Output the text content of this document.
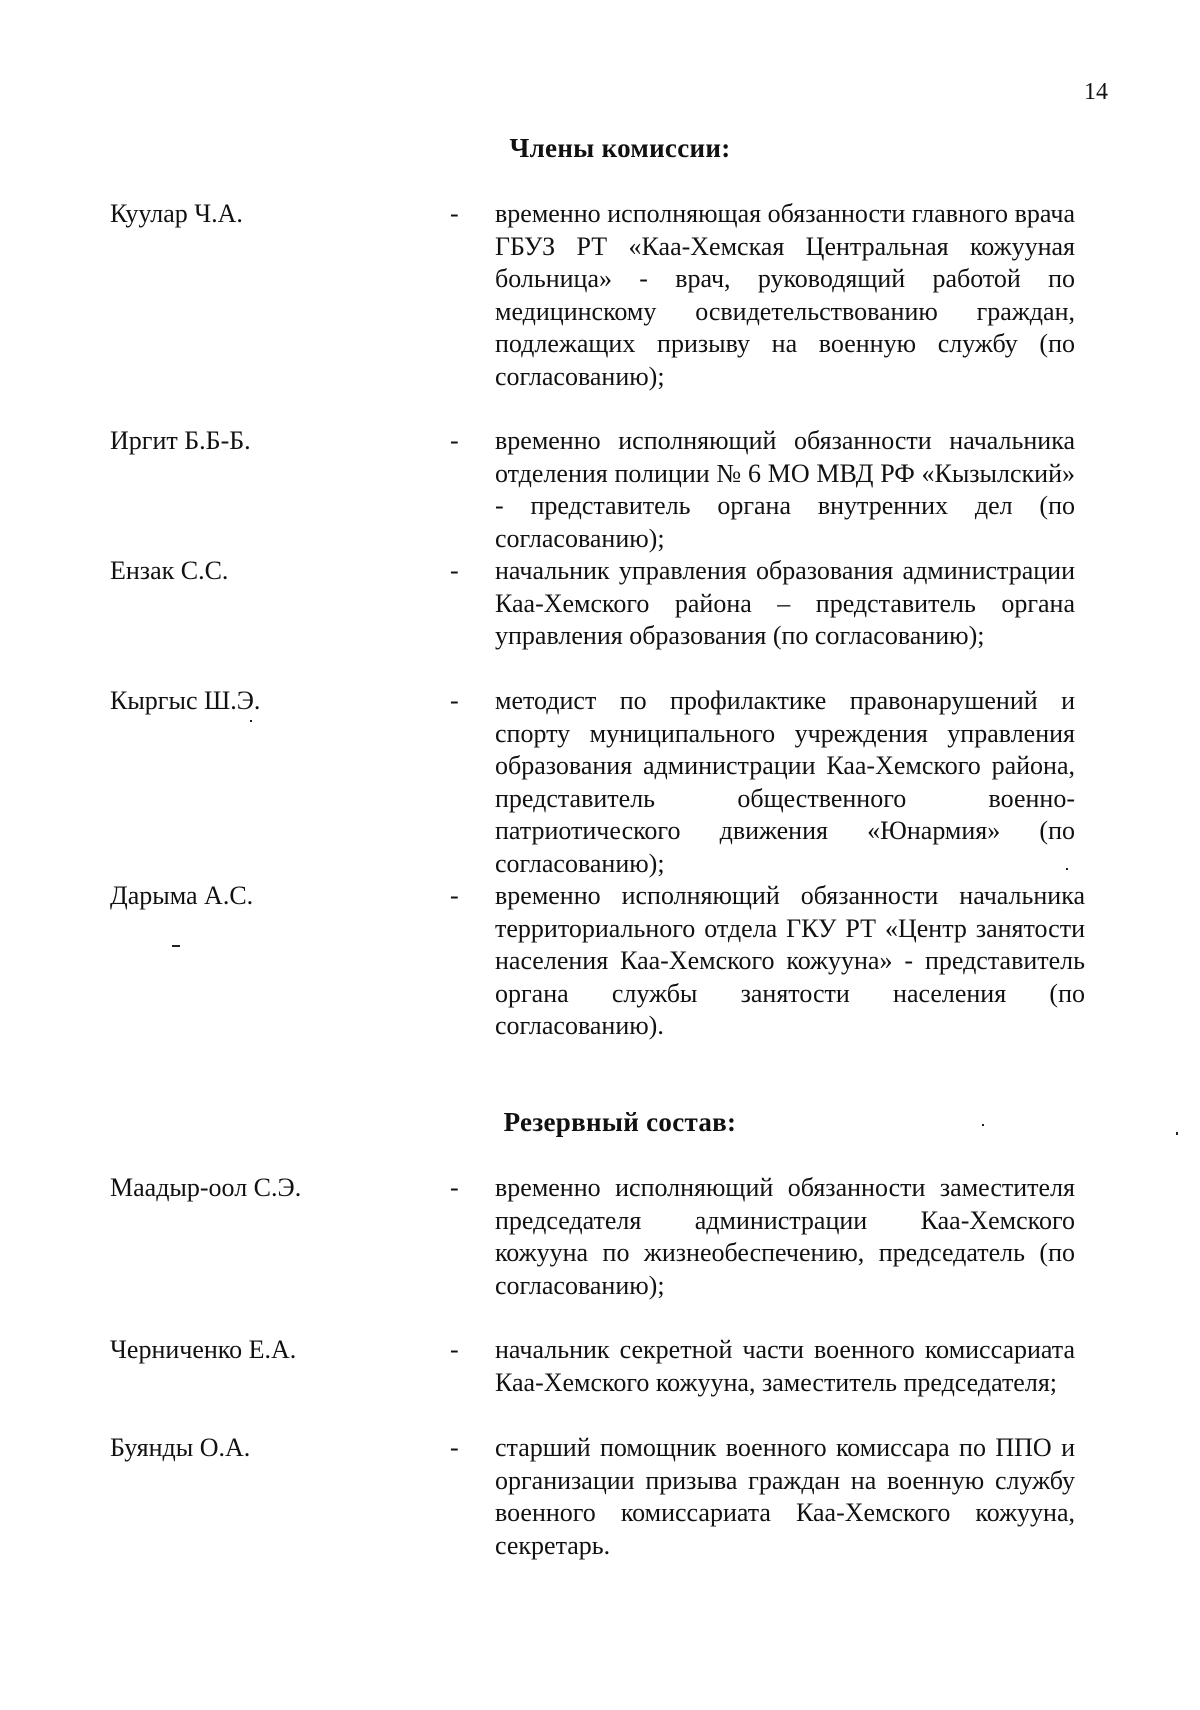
14
Члены комиссии:
Куулар Ч.А.	- временно исполняющая обязанности главного врача ГБУЗ РТ «Каа-Хемская Центральная кожууная больница» - врач, руководящий работой по медицинскому освидетельствованию граждан, подлежащих призыву на военную службу (по согласованию);
Иргит Б.Б-Б.	- временно исполняющий обязанности начальника отделения полиции № 6 МО МВД РФ «Кызылский» - представитель органа внутренних дел (по согласованию);
Ензак С.С.	- начальник управления образования администрации Каа-Хемского района – представитель органа управления образования (по согласованию);
Кыргыс Ш.Э.	- методист по профилактике правонарушений и спорту муниципального учреждения управления образования администрации Каа-Хемского района, представитель общественного военно-патриотического движения «Юнармия» (по согласованию);
Дарыма А.С.	- временно исполняющий обязанности начальника территориального отдела ГКУ РТ «Центр занятости населения Каа-Хемского кожууна» - представитель органа службы занятости населения (по согласованию).
Резервный состав:
Маадыр-оол С.Э.	- временно исполняющий обязанности заместителя председателя администрации Каа-Хемского кожууна по жизнеобеспечению, председатель (по согласованию);
Черниченко Е.А.	- начальник секретной части военного комиссариата Каа-Хемского кожууна, заместитель председателя;
Буянды О.А.	- старший помощник военного комиссара по ППО и организации призыва граждан на военную службу военного комиссариата Каа-Хемского кожууна, секретарь.
